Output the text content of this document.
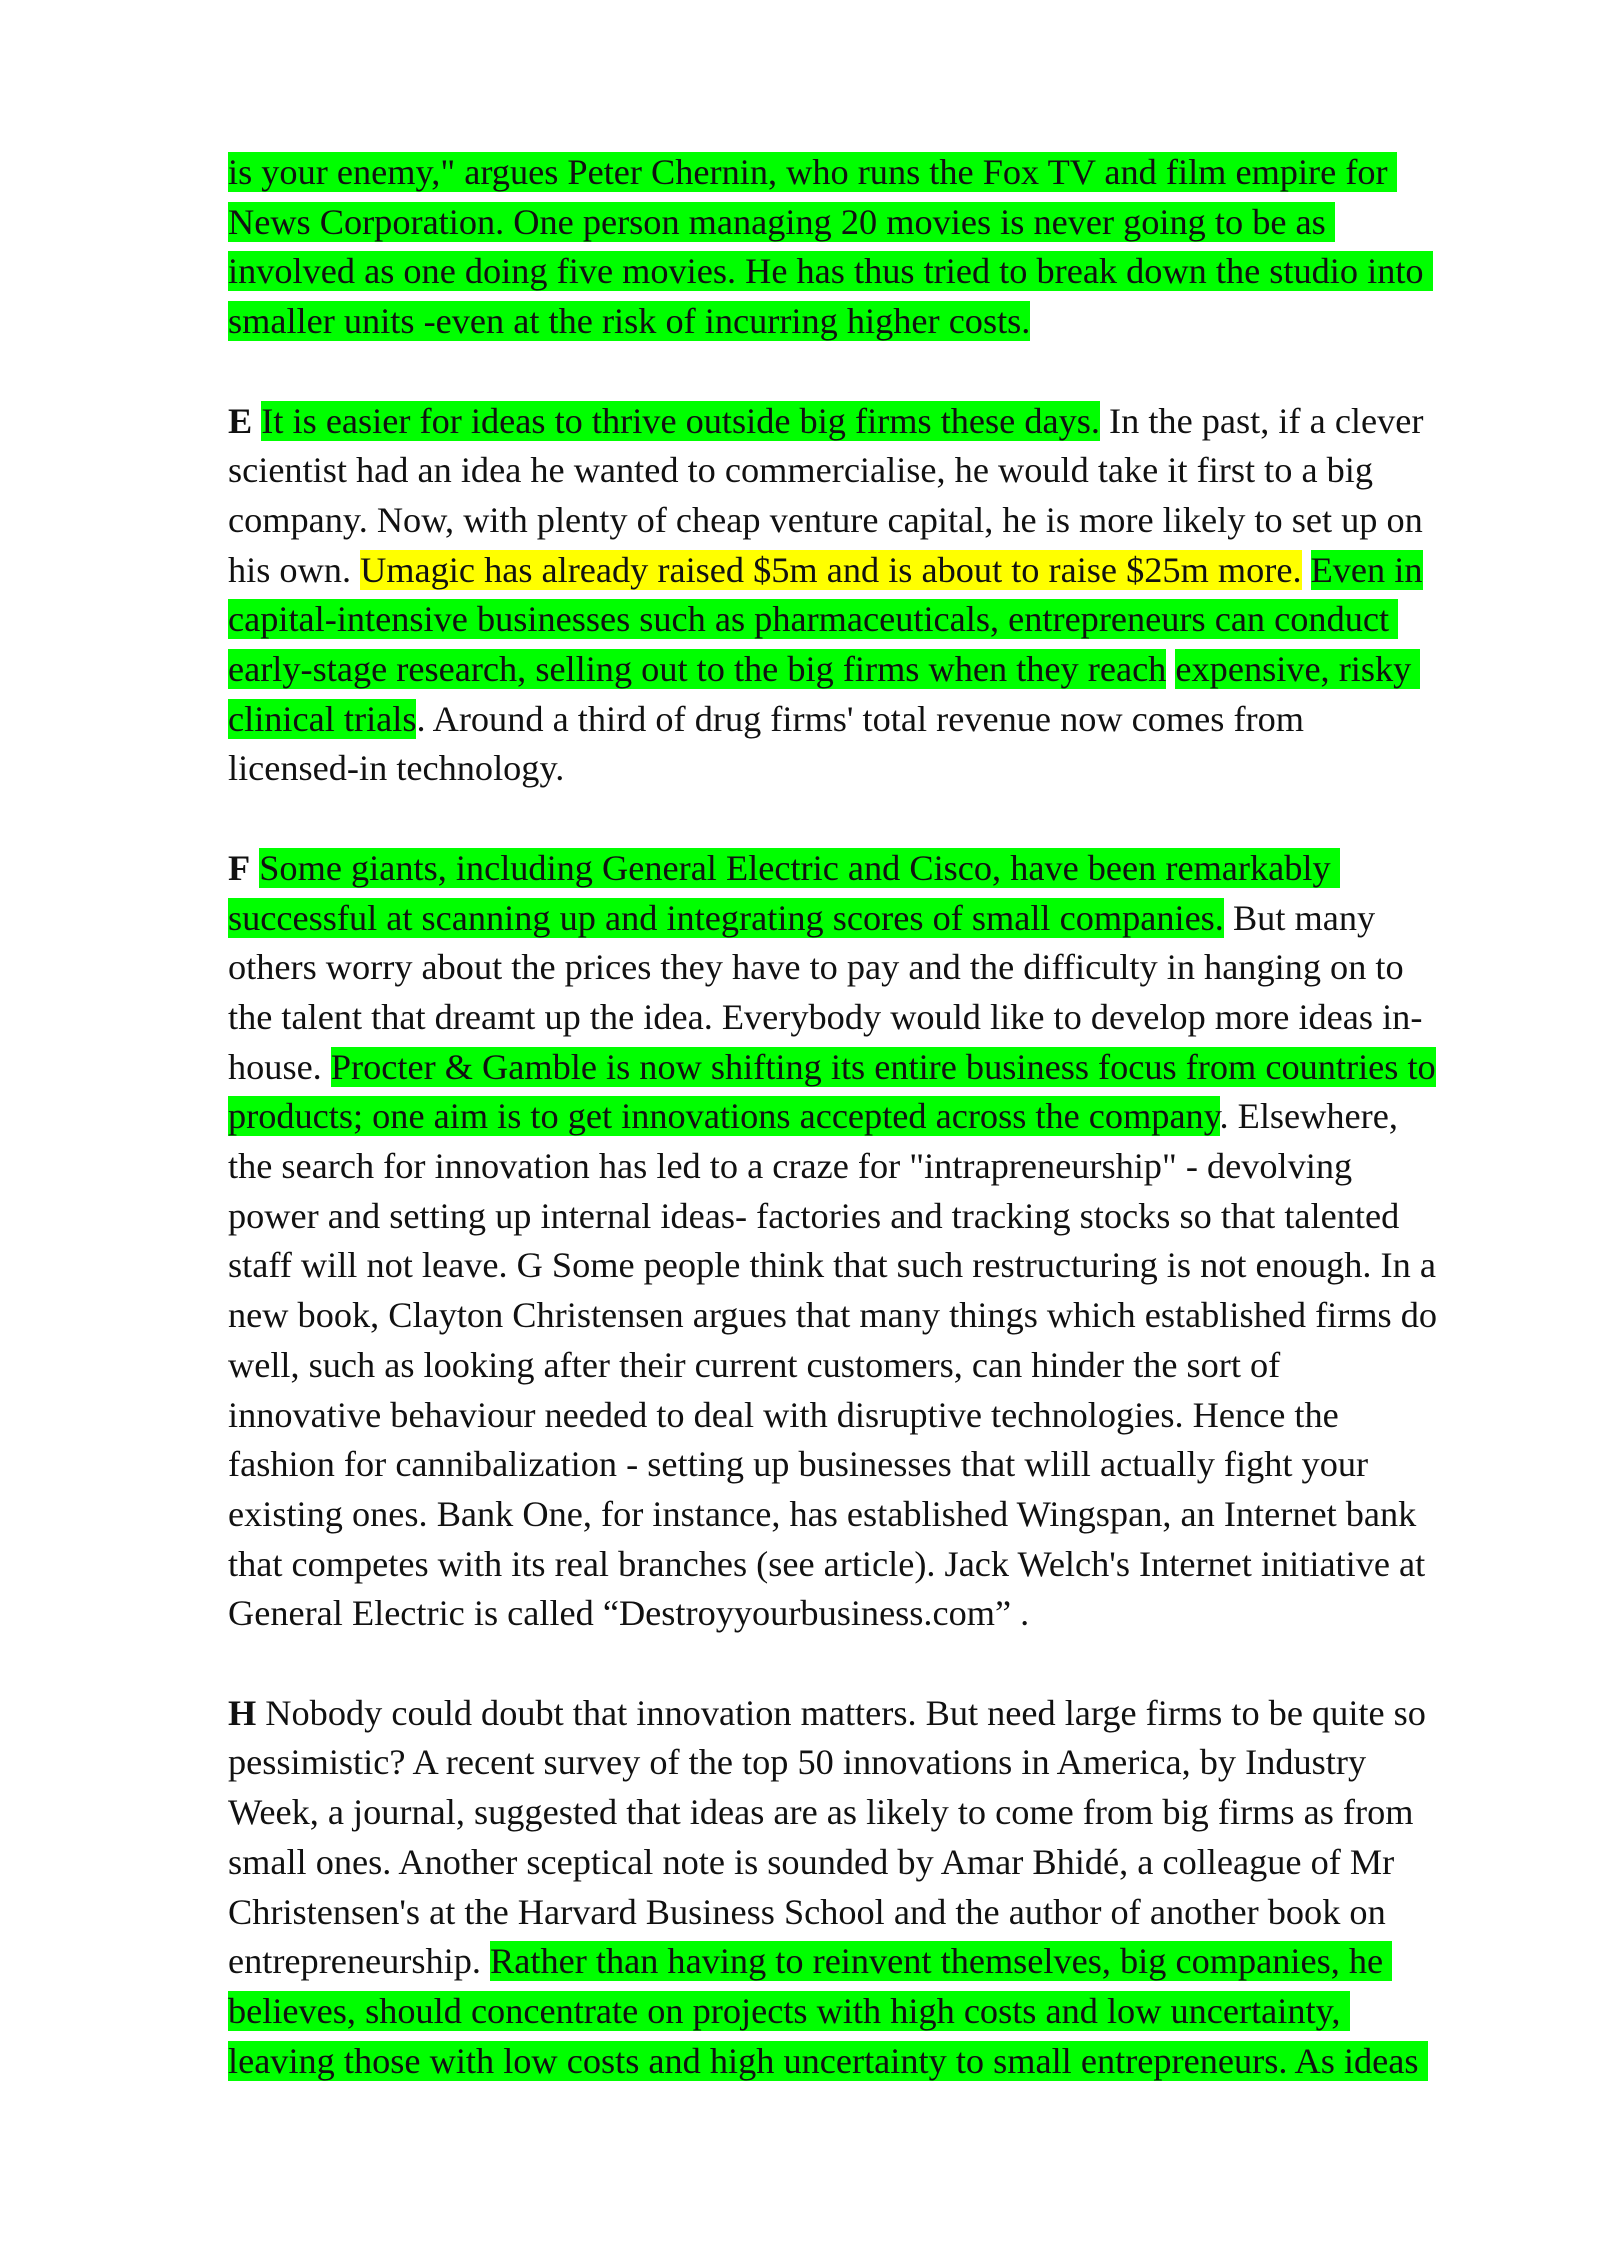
is your enemy," argues Peter Chernin, who runs the Fox TV and film empire for
News Corporation. One person managing 20 movies is never going to be as
involved as one doing five movies. He has thus tried to break down the studio into
smaller units -even at the risk of incurring higher costs.
E It is easier for ideas to thrive outside big firms these days. In the past, if a clever
scientist had an idea he wanted to commercialise, he would take it first to a big
company. Now, with plenty of cheap venture capital, he is more likely to set up on
his own. Umagic has already raised $5m and is about to raise $25m more. Even in
capital-intensive businesses such as pharmaceuticals, entrepreneurs can conduct
early-stage research, selling out to the big firms when they reach expensive, risky
clinical trials. Around a third of drug firms' total revenue now comes from
licensed-in technology.
F Some giants, including General Electric and Cisco, have been remarkably
successful at scanning up and integrating scores of small companies. But many
others worry about the prices they have to pay and the difficulty in hanging on to
the talent that dreamt up the idea. Everybody would like to develop more ideas in-
house. Procter & Gamble is now shifting its entire business focus from countries to
products; one aim is to get innovations accepted across the company. Elsewhere,
the search for innovation has led to a craze for "intrapreneurship" - devolving
power and setting up internal ideas- factories and tracking stocks so that talented
staff will not leave. G Some people think that such restructuring is not enough. In a
new book, Clayton Christensen argues that many things which established firms do
well, such as looking after their current customers, can hinder the sort of
innovative behaviour needed to deal with disruptive technologies. Hence the
fashion for cannibalization - setting up businesses that wlill actually fight your
existing ones. Bank One, for instance, has established Wingspan, an Internet bank
that competes with its real branches (see article). Jack Welch's Internet initiative at
General Electric is called “Destroyyourbusiness.com” .
H Nobody could doubt that innovation matters. But need large firms to be quite so
pessimistic? A recent survey of the top 50 innovations in America, by Industry
Week, a journal, suggested that ideas are as likely to come from big firms as from
small ones. Another sceptical note is sounded by Amar Bhidé, a colleague of Mr
Christensen's at the Harvard Business School and the author of another book on
entrepreneurship. Rather than having to reinvent themselves, big companies, he
believes, should concentrate on projects with high costs and low uncertainty,
leaving those with low costs and high uncertainty to small entrepreneurs. As ideas
